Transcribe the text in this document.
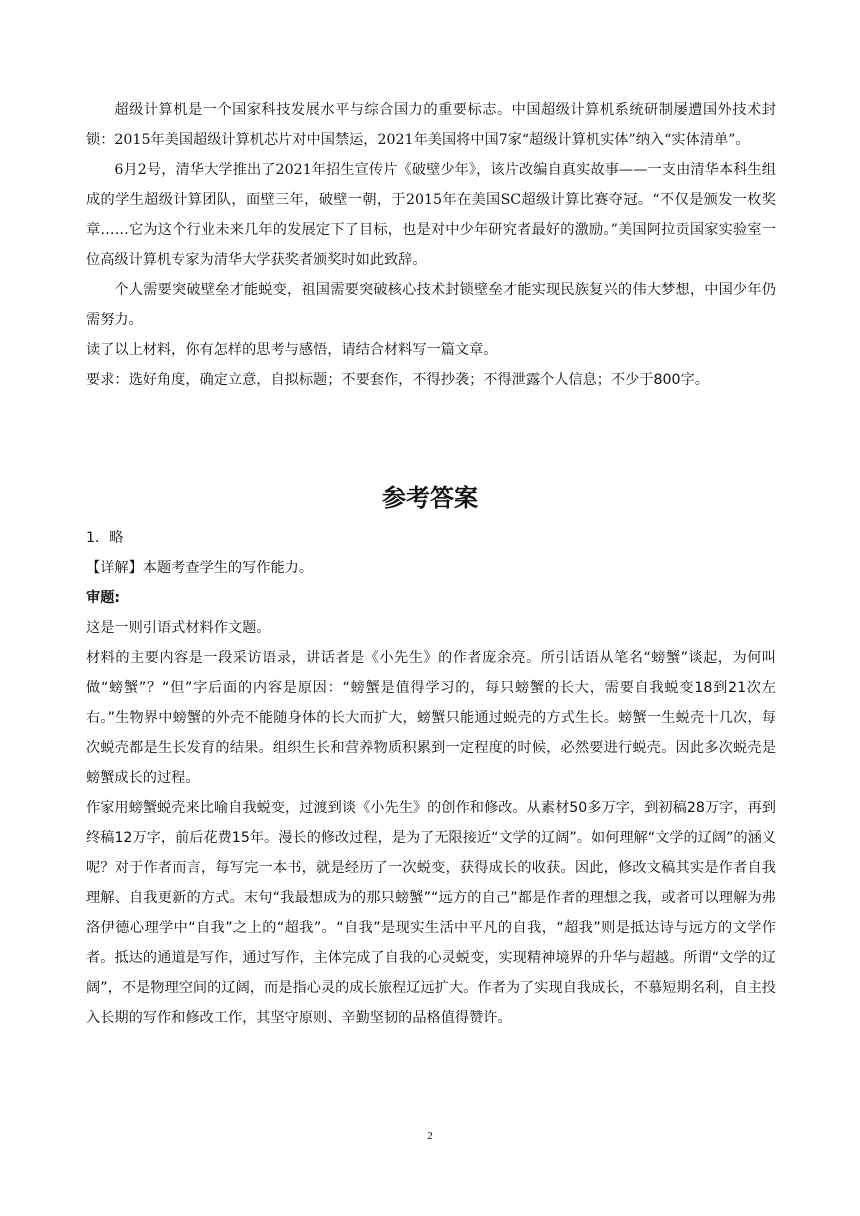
超级计算机是一个国家科技发展水平与综合国力的重要标志。中国超级计算机系统研制屡遭国外技术封锁：2015年美国超级计算机芯片对中国禁运，2021年美国将中国7家“超级计算机实体”纳入“实体清单”。

6月2号，清华大学推出了2021年招生宣传片《破壁少年》，该片改编自真实故事——一支由清华本科生组成的学生超级计算团队，面壁三年，破壁一朝，于2015年在美国SC超级计算比赛夺冠。“不仅是颁发一枚奖章……它为这个行业未来几年的发展定下了目标，也是对中少年研究者最好的激励。”美国阿拉贡国家实验室一位高级计算机专家为清华大学获奖者颁奖时如此致辞。

个人需要突破壁垒才能蜕变，祖国需要突破核心技术封锁壁垒才能实现民族复兴的伟大梦想，中国少年仍需努力。

读了以上材料，你有怎样的思考与感悟，请结合材料写一篇文章。

要求：选好角度，确定立意，自拟标题；不要套作，不得抄袭；不得泄露个人信息；不少于800字。

参考答案

1．略

【详解】本题考查学生的写作能力。

审题:

这是一则引语式材料作文题。

材料的主要内容是一段采访语录，讲话者是《小先生》的作者庞余亮。所引话语从笔名“螃蟹”谈起，为何叫做“螃蟹”？“但”字后面的内容是原因：“螃蟹是值得学习的，每只螃蟹的长大，需要自我蜕变18到21次左右。”生物界中螃蟹的外壳不能随身体的长大而扩大，螃蟹只能通过蜕壳的方式生长。螃蟹一生蜕壳十几次，每次蜕壳都是生长发育的结果。组织生长和营养物质积累到一定程度的时候，必然要进行蜕壳。因此多次蜕壳是螃蟹成长的过程。

作家用螃蟹蜕壳来比喻自我蜕变，过渡到谈《小先生》的创作和修改。从素材50多万字，到初稿28万字，再到终稿12万字，前后花费15年。漫长的修改过程，是为了无限接近“文学的辽阔”。如何理解“文学的辽阔”的涵义呢？对于作者而言，每写完一本书，就是经历了一次蜕变，获得成长的收获。因此，修改文稿其实是作者自我理解、自我更新的方式。末句“我最想成为的那只螃蟹”“远方的自己”都是作者的理想之我，或者可以理解为弗洛伊德心理学中“自我”之上的“超我”。“自我”是现实生活中平凡的自我，“超我”则是抵达诗与远方的文学作者。抵达的通道是写作，通过写作，主体完成了自我的心灵蜕变，实现精神境界的升华与超越。所谓“文学的辽阔”，不是物理空间的辽阔，而是指心灵的成长旅程辽远扩大。作者为了实现自我成长，不慕短期名利，自主投入长期的写作和修改工作，其坚守原则、辛勤坚韧的品格值得赞许。

2
